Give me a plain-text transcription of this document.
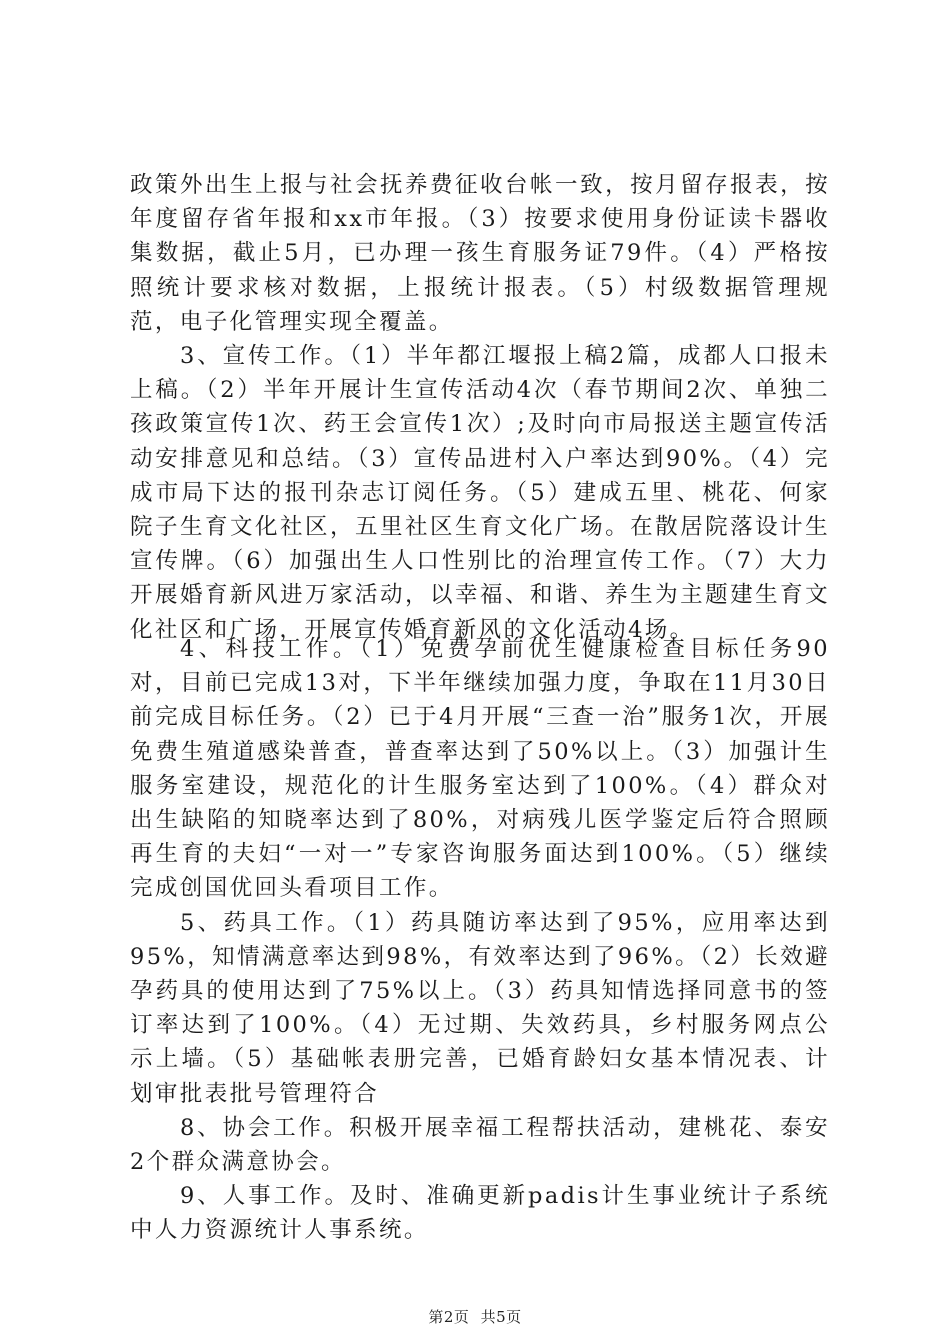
政策外出生上报与社会抚养费征收台帐一致，按月留存报表，按年度留存省年报和xx市年报。（3）按要求使用身份证读卡器收集数据，截止5月，已办理一孩生育服务证79件。（4）严格按照统计要求核对数据，上报统计报表。（5）村级数据管理规范，电子化管理实现全覆盖。

3、宣传工作。（1）半年都江堰报上稿2篇，成都人口报未上稿。（2）半年开展计生宣传活动4次（春节期间2次、单独二孩政策宣传1次、药王会宣传1次）;及时向市局报送主题宣传活动安排意见和总结。（3）宣传品进村入户率达到90%。（4）完成市局下达的报刊杂志订阅任务。（5）建成五里、桃花、何家院子生育文化社区，五里社区生育文化广场。在散居院落设计生宣传牌。（6）加强出生人口性别比的治理宣传工作。（7）大力开展婚育新风进万家活动，以幸福、和谐、养生为主题建生育文化社区和广场，开展宣传婚育新风的文化活动4场。

4、科技工作。（1）免费孕前优生健康检查目标任务90对，目前已完成13对，下半年继续加强力度，争取在11月30日前完成目标任务。（2）已于4月开展“三查一治”服务1次，开展免费生殖道感染普查，普查率达到了50%以上。（3）加强计生服务室建设，规范化的计生服务室达到了100%。（4）群众对出生缺陷的知晓率达到了80%，对病残儿医学鉴定后符合照顾再生育的夫妇“一对一”专家咨询服务面达到100%。（5）继续完成创国优回头看项目工作。

5、药具工作。（1）药具随访率达到了95%，应用率达到95%，知情满意率达到98%，有效率达到了96%。（2）长效避孕药具的使用达到了75%以上。（3）药具知情选择同意书的签订率达到了100%。（4）无过期、失效药具，乡村服务网点公示上墙。（5）基础帐表册完善，已婚育龄妇女基本情况表、计划审批表批号管理符合

8、协会工作。积极开展幸福工程帮扶活动，建桃花、泰安2个群众满意协会。

9、人事工作。及时、准确更新padis计生事业统计子系统中人力资源统计人事系统。

第2页 共5页
